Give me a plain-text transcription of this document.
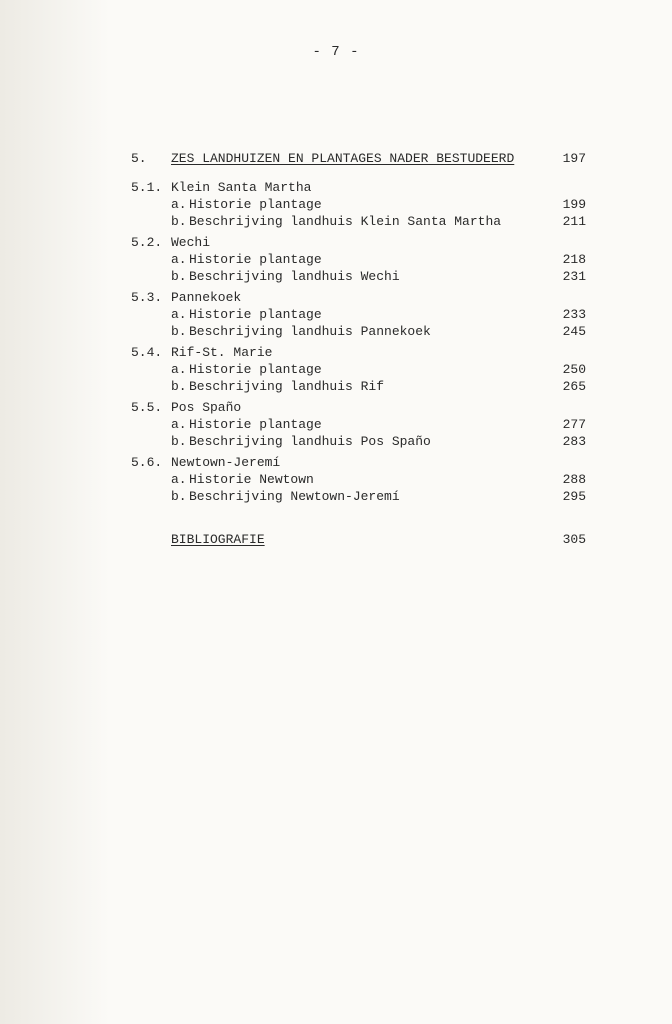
- 7 -
5. ZES LANDHUIZEN EN PLANTAGES NADER BESTUDEERD	197
5.1. Klein Santa Martha
a. Historie plantage	199
b. Beschrijving landhuis Klein Santa Martha	211
5.2. Wechi
a. Historie plantage	218
b. Beschrijving landhuis Wechi	231
5.3. Pannekoek
a. Historie plantage	233
b. Beschrijving landhuis Pannekoek	245
5.4. Rif-St. Marie
a. Historie plantage	250
b. Beschrijving landhuis Rif	265
5.5. Pos Spaño
a. Historie plantage	277
b. Beschrijving landhuis Pos Spaño	283
5.6. Newtown-Jeremí
a. Historie Newtown	288
b. Beschrijving Newtown-Jeremí	295
BIBLIOGRAFIE	305
